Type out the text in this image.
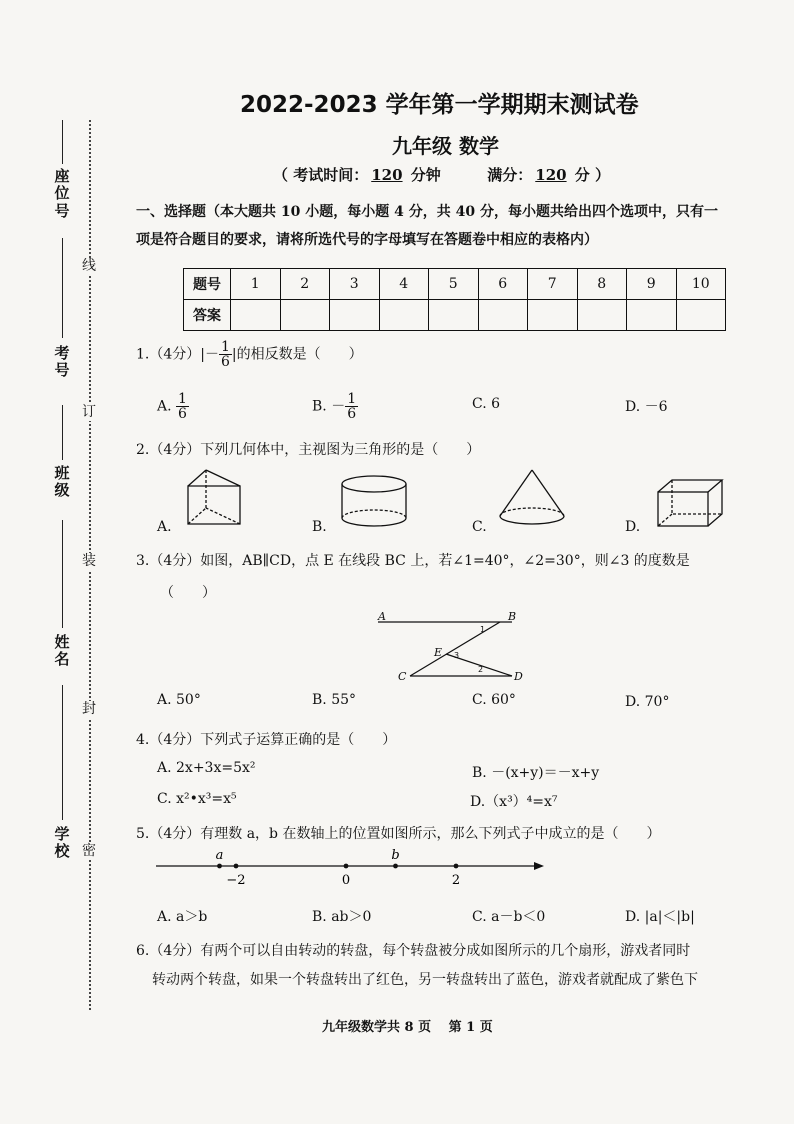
座位号
考号
班级
姓名
学校
线
订
装
封
密
2022-2023 学年第一学期期末测试卷
九年级 数学
（ 考试时间： 120 分钟	满分： 120 分 ）
一、选择题（本大题共 10 小题，每小题 4 分，共 40 分，每小题共给出四个选项中，只有一
项是符合题目的要求，请将所选代号的字母填写在答题卷中相应的表格内）
题号	1	2	3	4	5	6	7	8	9	10
答案										
1.（4分）|－ $\frac{1}{6}$ |的相反数是（　　）
A. $\frac{1}{6}$	B. － $\frac{1}{6}$	C. 6	D. －6
2.（4分）下列几何体中，主视图为三角形的是（　　）
A.	B.	C.	D.
3.（4分）如图，AB∥CD，点 E 在线段 BC 上，若∠1=40°，∠2=30°，则∠3 的度数是
（　　）
A	B
C	D
E
1
2
3
A. 50°	B. 55°	C. 60°	D. 70°
4.（4分）下列式子运算正确的是（　　）
A. 2x+3x=5x²	B. －(x+y)＝－x+y
C. x²•x³=x⁵	D.（x³）⁴=x⁷
5.（4分）有理数 a，b 在数轴上的位置如图所示，那么下列式子中成立的是（　　）
a
−2	0
b
2
A. a＞b	B. ab＞0	C. a－b＜0	D. |a|＜|b|
6.（4分）有两个可以自由转动的转盘，每个转盘被分成如图所示的几个扇形，游戏者同时
转动两个转盘，如果一个转盘转出了红色，另一转盘转出了蓝色，游戏者就配成了紫色下
九年级数学共 8 页　 第 1 页
